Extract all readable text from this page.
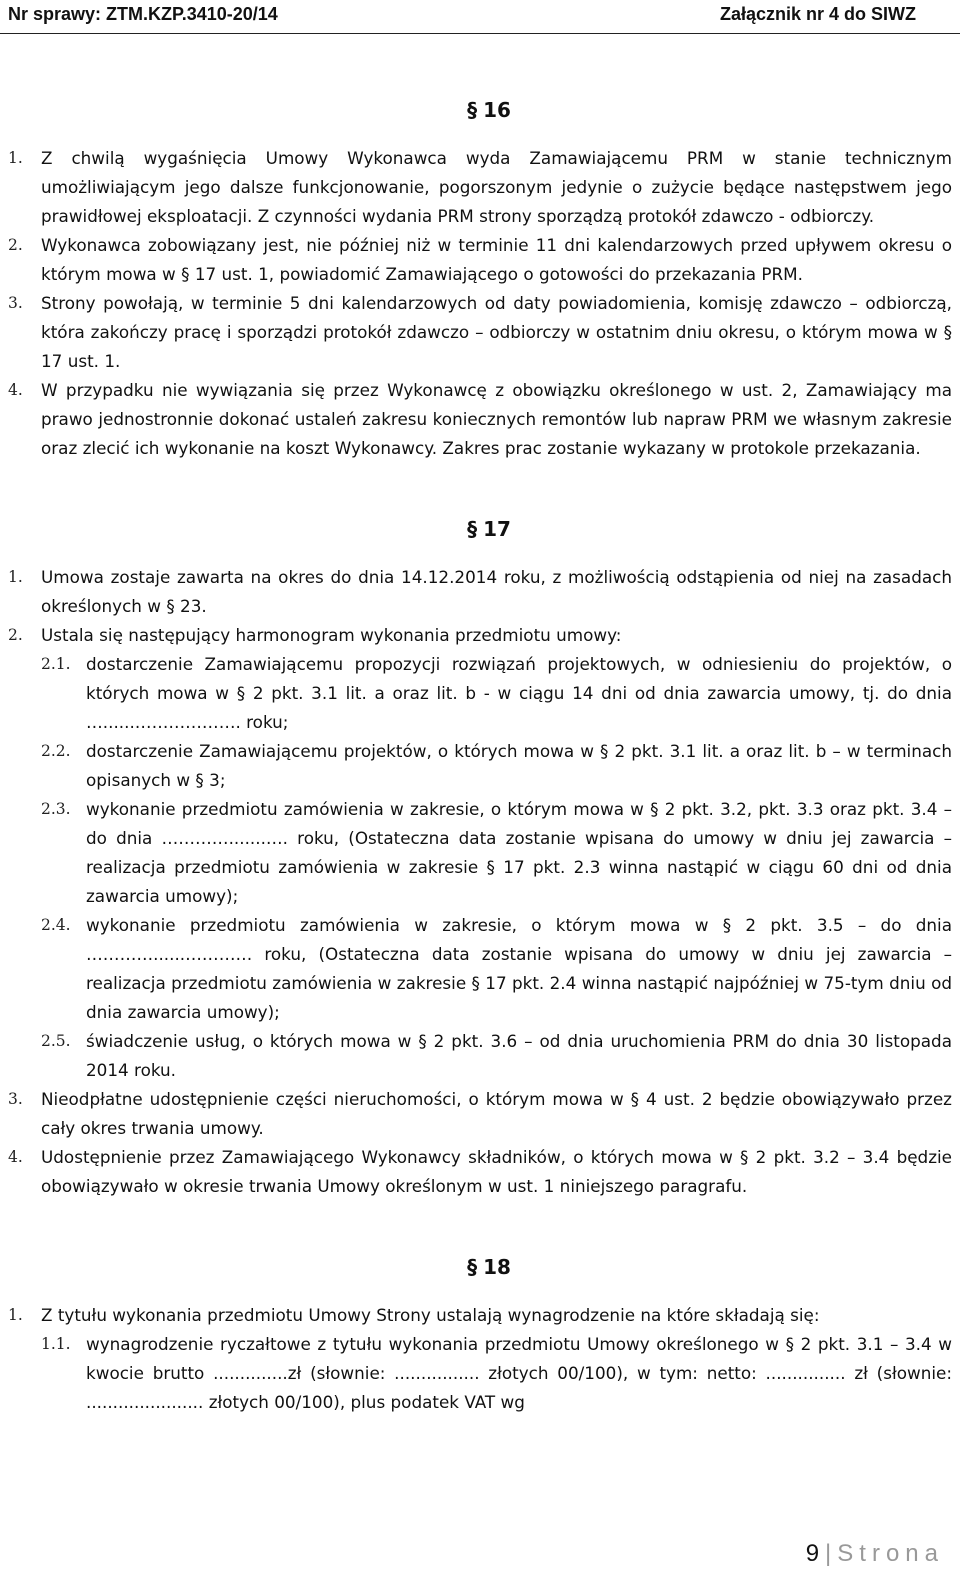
Nr sprawy: ZTM.KZP.3410-20/14	Załącznik nr 4 do SIWZ
§ 16
1. Z chwilą wygaśnięcia Umowy Wykonawca wyda Zamawiającemu PRM w stanie technicznym umożliwiającym jego dalsze funkcjonowanie, pogorszonym jedynie o zużycie będące następstwem jego prawidłowej eksploatacji. Z czynności wydania PRM strony sporządzą protokół zdawczo - odbiorczy.
2. Wykonawca zobowiązany jest, nie później niż w terminie 11 dni kalendarzowych przed upływem okresu o którym mowa w § 17 ust. 1, powiadomić Zamawiającego o gotowości do przekazania PRM.
3. Strony powołają, w terminie 5 dni kalendarzowych od daty powiadomienia, komisję zdawczo – odbiorczą, która zakończy pracę i sporządzi protokół zdawczo – odbiorczy w ostatnim dniu okresu, o którym mowa w § 17 ust. 1.
4. W przypadku nie wywiązania się przez Wykonawcę z obowiązku określonego w ust. 2, Zamawiający ma prawo jednostronnie dokonać ustaleń zakresu koniecznych remontów lub napraw PRM we własnym zakresie oraz zlecić ich wykonanie na koszt Wykonawcy. Zakres prac zostanie wykazany w protokole przekazania.
§ 17
1. Umowa zostaje zawarta na okres do dnia 14.12.2014 roku, z możliwością odstąpienia od niej na zasadach określonych w § 23.
2. Ustala się następujący harmonogram wykonania przedmiotu umowy:
2.1. dostarczenie Zamawiającemu propozycji rozwiązań projektowych, w odniesieniu do projektów, o których mowa w § 2 pkt. 3.1 lit. a oraz lit. b - w ciągu 14 dni od dnia zawarcia umowy, tj. do dnia …......………………. roku;
2.2. dostarczenie Zamawiającemu projektów, o których mowa w § 2 pkt. 3.1 lit. a oraz lit. b – w terminach opisanych w § 3;
2.3. wykonanie przedmiotu zamówienia w zakresie, o którym mowa w § 2 pkt. 3.2, pkt. 3.3 oraz pkt. 3.4 – do dnia ………….......…. roku, (Ostateczna data zostanie wpisana do umowy w dniu jej zawarcia – realizacja przedmiotu zamówienia w zakresie § 17 pkt. 2.3 winna nastąpić w ciągu 60 dni od dnia zawarcia umowy);
2.4. wykonanie przedmiotu zamówienia w zakresie, o którym mowa w § 2 pkt. 3.5 – do dnia …………......………… roku, (Ostateczna data zostanie wpisana do umowy w dniu jej zawarcia – realizacja przedmiotu zamówienia w zakresie § 17 pkt. 2.4 winna nastąpić najpóźniej w 75-tym dniu od dnia zawarcia umowy);
2.5. świadczenie usług, o których mowa w § 2 pkt. 3.6 – od dnia uruchomienia PRM do dnia 30 listopada 2014 roku.
3. Nieodpłatne udostępnienie części nieruchomości, o którym mowa w § 4 ust. 2 będzie obowiązywało przez cały okres trwania umowy.
4. Udostępnienie przez Zamawiającego Wykonawcy składników, o których mowa w § 2 pkt. 3.2 – 3.4 będzie obowiązywało w okresie trwania Umowy określonym w ust. 1 niniejszego paragrafu.
§ 18
1. Z tytułu wykonania przedmiotu Umowy Strony ustalają wynagrodzenie na które składają się:
1.1. wynagrodzenie ryczałtowe z tytułu wykonania przedmiotu Umowy określonego w § 2 pkt. 3.1 – 3.4 w kwocie brutto ..............zł (słownie: ................ złotych 00/100), w tym: netto: ............... zł (słownie: ...................... złotych 00/100), plus podatek VAT wg
9 | Strona
